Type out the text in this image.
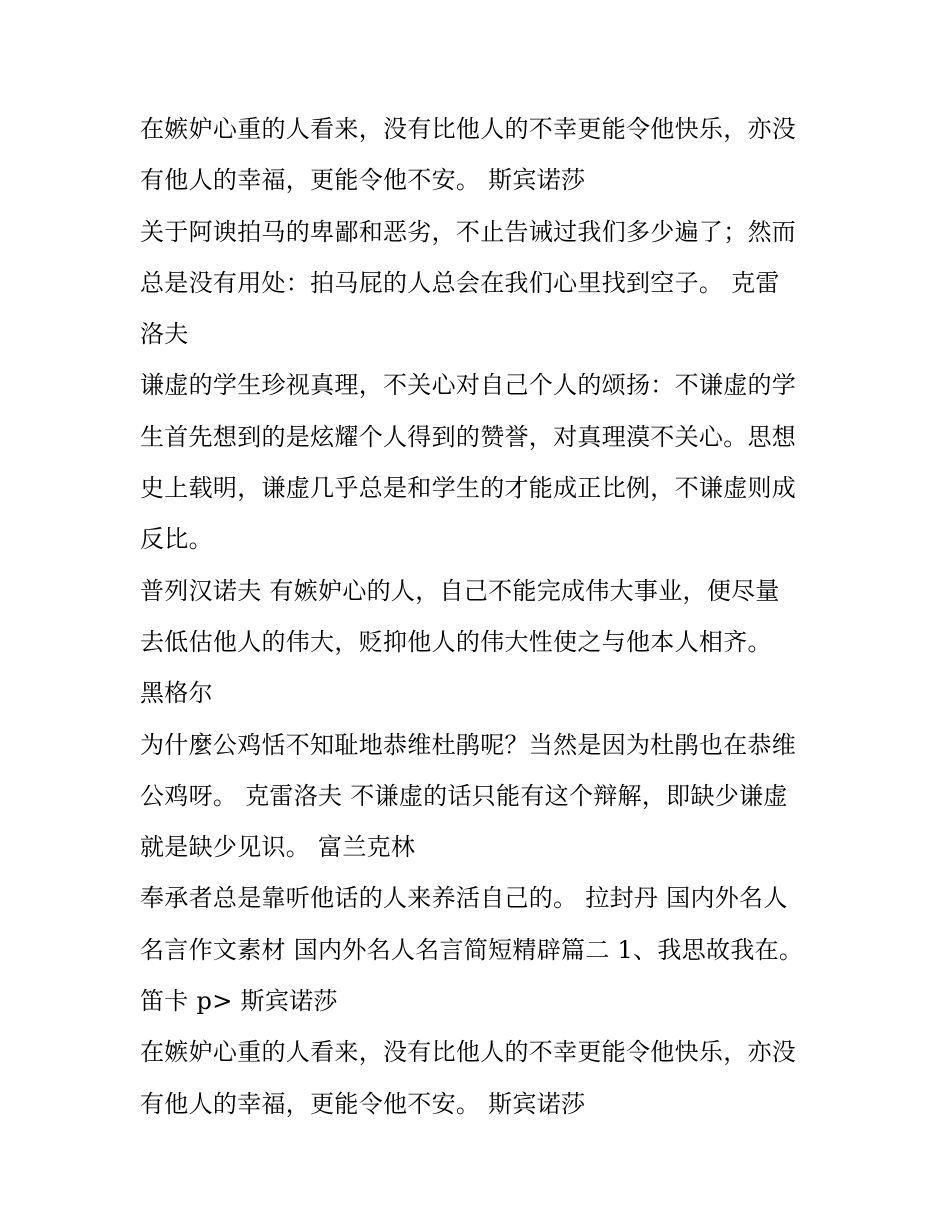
在嫉妒心重的人看来，没有比他人的不幸更能令他快乐，亦没
有他人的幸福，更能令他不安。 斯宾诺莎
关于阿谀拍马的卑鄙和恶劣，不止告诫过我们多少遍了；然而
总是没有用处：拍马屁的人总会在我们心里找到空子。 克雷
洛夫
谦虚的学生珍视真理，不关心对自己个人的颂扬：不谦虚的学
生首先想到的是炫耀个人得到的赞誉，对真理漠不关心。思想
史上载明，谦虚几乎总是和学生的才能成正比例，不谦虚则成
反比。
普列汉诺夫 有嫉妒心的人，自己不能完成伟大事业，便尽量
去低估他人的伟大，贬抑他人的伟大性使之与他本人相齐。
黑格尔
为什麼公鸡恬不知耻地恭维杜鹃呢？当然是因为杜鹃也在恭维
公鸡呀。 克雷洛夫 不谦虚的话只能有这个辩解，即缺少谦虚
就是缺少见识。 富兰克林
奉承者总是靠听他话的人来养活自己的。 拉封丹 国内外名人
名言作文素材 国内外名人名言简短精辟篇二 1、我思故我在。
笛卡 p> 斯宾诺莎
在嫉妒心重的人看来，没有比他人的不幸更能令他快乐，亦没
有他人的幸福，更能令他不安。 斯宾诺莎
